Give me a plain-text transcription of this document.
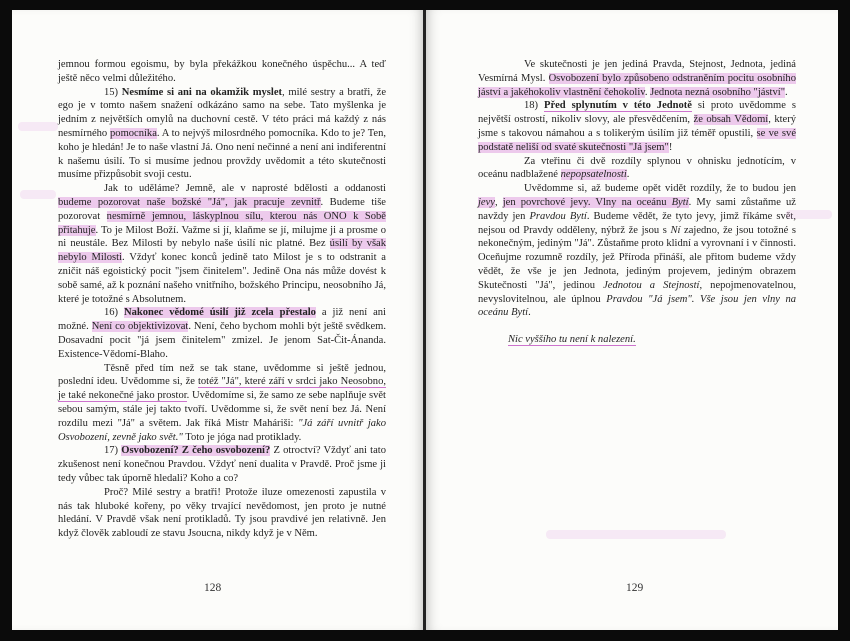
jemnou formou egoismu, by byla překážkou konečného úspěchu... A teď ještě něco velmi důležitého.

15) Nesmíme si ani na okamžik myslet, milé sestry a bratři, že ego je v tomto našem snažení odkázáno samo na sebe. Tato myšlenka je jedním z největších omylů na duchovní cestě. V této práci má každý z nás nesmírného pomocníka. A to nejvýš milosrdného pomocníka. Kdo to je? Ten, koho je hledán! Je to naše vlastní Já. Ono není nečinné a není ani indiferentní k našemu úsilí. To si musíme jednou provždy uvědomit a této skutečnosti musíme přizpůsobit svoji cestu.

Jak to uděláme? Jemně, ale v naprosté bdělosti a oddanosti budeme pozorovat naše božské "Já", jak pracuje zevnitř. Budeme tiše pozorovat nesmírně jemnou, láskyplnou sílu, kterou nás ONO k Sobě přitahuje. To je Milost Boží. Važme si jí, klaňme se jí, milujme ji a prosme o ni neustále. Bez Milosti by nebylo naše úsilí nic platné. Bez úsilí by však nebylo Milosti. Vždyť konec konců jedině tato Milost je s to odstranit a zničit náš egoistický pocit "jsem činitelem". Jedině Ona nás může dovést k sobě samé, až k poznání našeho vnitřního, božského Principu, neosobního Já, které je totožné s Absolutnem.

16) Nakonec vědomé úsilí již zcela přestalo a již není ani možné. Není co objektivizovat. Není, čeho bychom mohli být ještě svědkem. Dosavadní pocit "já jsem činitelem" zmizel. Je jenom Sat-Čit-Ánanda. Existence-Vědomí-Blaho.

Těsně před tím než se tak stane, uvědomme si ještě jednou, poslední ideu. Uvědomme si, že totéž "Já", které září v srdci jako Neosobno, je také nekonečné jako prostor. Uvědomíme si, že samo ze sebe naplňuje svět sebou samým, stále jej takto tvoří. Uvědomme si, že svět není bez Já. Není rozdílu mezi "Já" a světem. Jak říká Mistr Maháriši: "Já září uvnitř jako Osvobození, zevně jako svět." Toto je jóga nad protiklady.

17) Osvobození? Z čeho osvobození? Z otroctví? Vždyť ani tato zkušenost není konečnou Pravdou. Vždyť není dualita v Pravdě. Proč jsme ji tedy vůbec tak úporně hledali? Koho a co?

Proč? Milé sestry a bratři! Protože iluze omezenosti zapustila v nás tak hluboké kořeny, po věky trvající nevědomost, jen proto je nutné hledání. V Pravdě však není protikladů. Ty jsou pravdivé jen relativně. Jen když člověk zabloudí ze stavu Jsoucna, nikdy když je v Něm.

128

Ve skutečnosti je jen jediná Pravda, Stejnost, Jednota, jediná Vesmírná Mysl. Osvobození bylo způsobeno odstraněním pocitu osobního jáství a jakéhokoliv vlastnění čehokoliv. Jednota nezná osobního "jáství".

18) Před splynutím v této Jednotě si proto uvědomme s největší ostrostí, nikoliv slovy, ale přesvědčením, že obsah Vědomí, který jsme s takovou námahou a s tolikerým úsilím již téměř opustili, se ve své podstatě neliší od svaté skutečnosti "Já jsem"!

Za vteřinu či dvě rozdíly splynou v ohnisku jednotícím, v oceánu nadblažené nepopsatelnosti.

Uvědomme si, až budeme opět vidět rozdíly, že to budou jen jevy, jen povrchové jevy. Vlny na oceánu Bytí. My sami zůstaňme už navždy jen Pravdou Bytí. Budeme vědět, že tyto jevy, jimž říkáme svět, nejsou od Pravdy odděleny, nýbrž že jsou s Ní zajedno, že jsou totožné s nekonečným, jediným "Já". Zůstaňme proto klidní a vyrovnaní i v činnosti. Oceňujme rozumně rozdíly, jež Příroda přináší, ale přitom budeme vždy vědět, že vše je jen Jednota, jediným projevem, jediným obrazem Skutečnosti "Já", jedinou Jednotou a Stejností, nepojmenovatelnou, nevyslovitelnou, ale úplnou Pravdou "Já jsem". Vše jsou jen vlny na oceánu Bytí.

Nic vyššího tu není k nalezení.

129
